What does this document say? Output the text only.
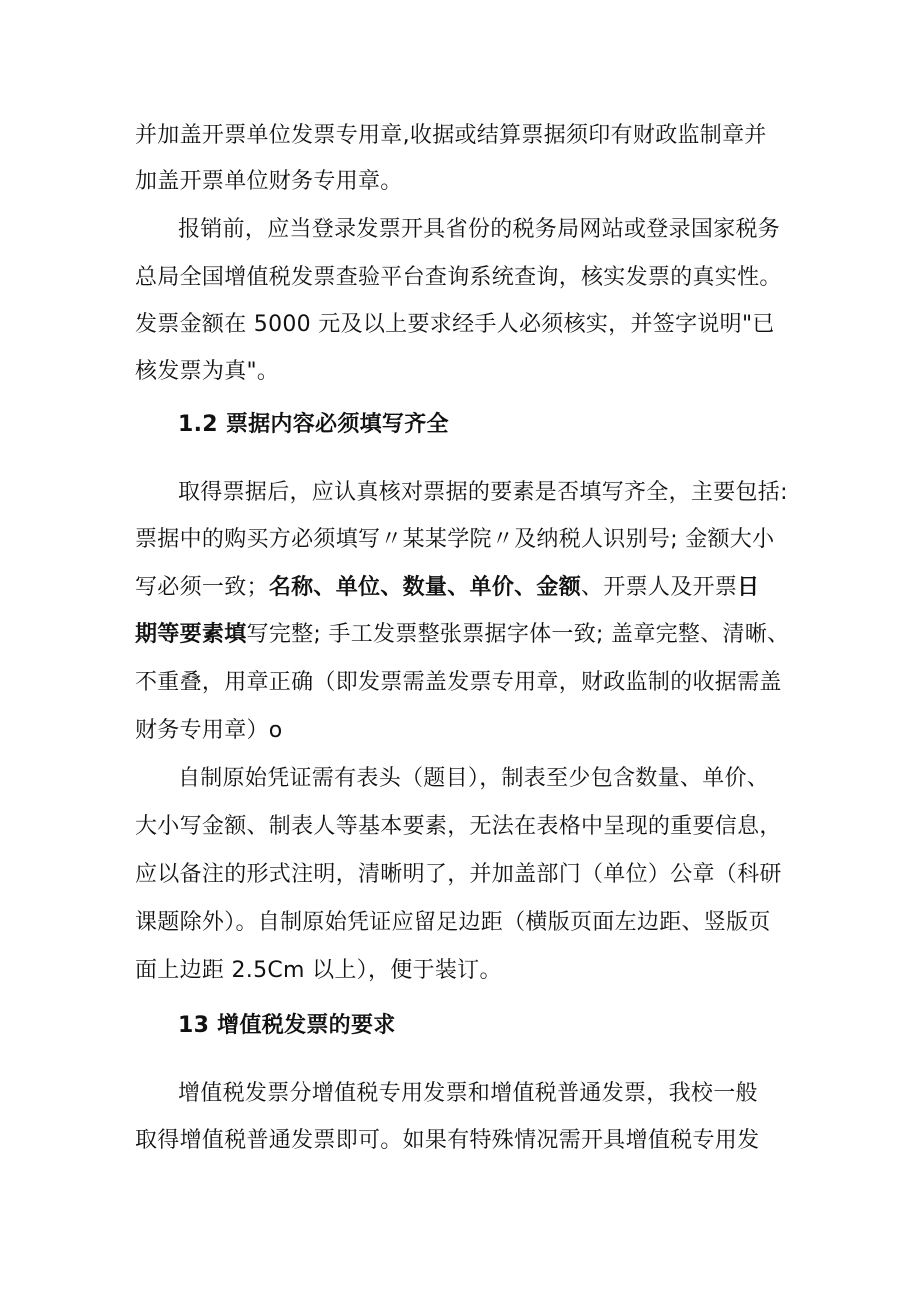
并加盖开票单位发票专用章,收据或结算票据须印有财政监制章并
加盖开票单位财务专用章。
报销前，应当登录发票开具省份的税务局网站或登录国家税务
总局全国增值税发票查验平台查询系统查询，核实发票的真实性。
发票金额在 5000 元及以上要求经手人必须核实，并签字说明"已
核发票为真"。
1.2 票据内容必须填写齐全
取得票据后，应认真核对票据的要素是否填写齐全，主要包括:
票据中的购买方必须填写〃某某学院〃及纳税人识别号; 金额大小
写必须一致；名称、单位、数量、单价、金额、开票人及开票日
期等要素填写完整; 手工发票整张票据字体一致; 盖章完整、清晰、
不重叠，用章正确（即发票需盖发票专用章，财政监制的收据需盖
财务专用章）o
自制原始凭证需有表头（题目），制表至少包含数量、单价、
大小写金额、制表人等基本要素，无法在表格中呈现的重要信息，
应以备注的形式注明，清晰明了，并加盖部门（单位）公章（科研
课题除外）。自制原始凭证应留足边距（横版页面左边距、竖版页
面上边距 2.5Cm 以上），便于装订。
13 增值税发票的要求
增值税发票分增值税专用发票和增值税普通发票，我校一般
取得增值税普通发票即可。如果有特殊情况需开具增值税专用发
